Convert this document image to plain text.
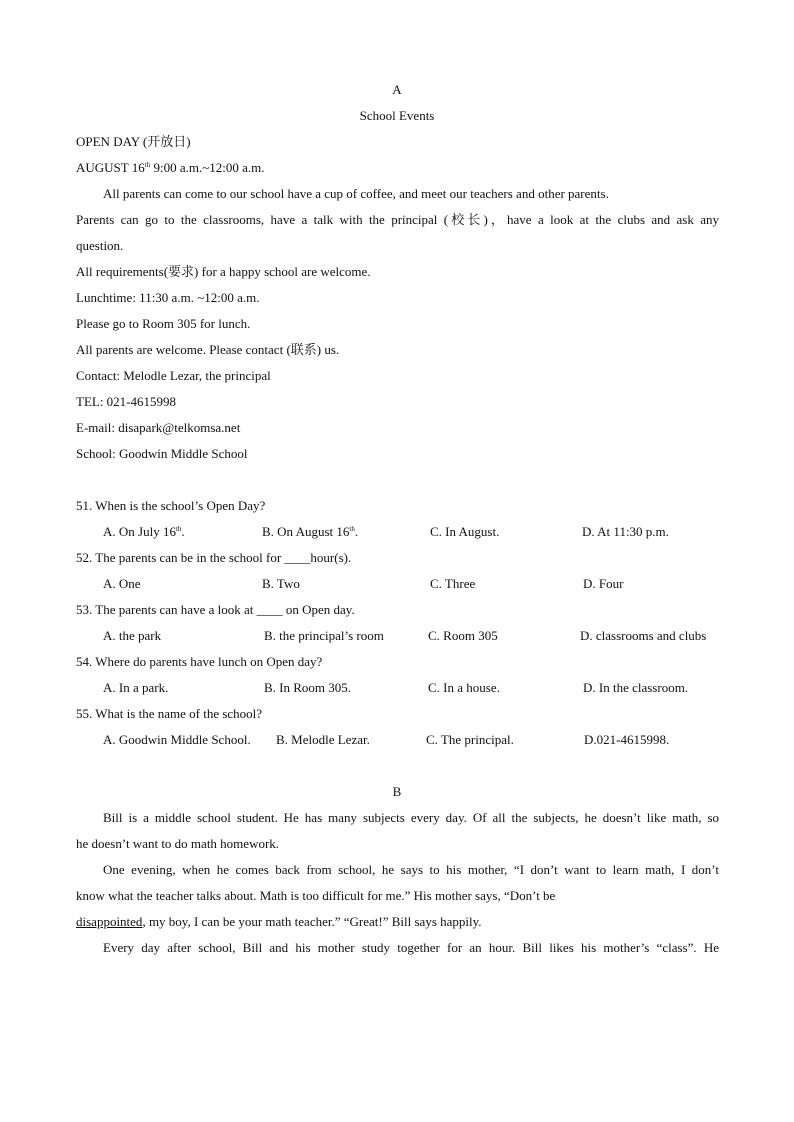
A
School Events
OPEN DAY (开放日)
AUGUST 16th 9:00 a.m.~12:00 a.m.
All parents can come to our school have a cup of coffee, and meet our teachers and other parents.
Parents can go to the classrooms, have a talk with the principal (校长)，have a look at the clubs and ask any
question.
All requirements(要求) for a happy school are welcome.
Lunchtime: 11:30 a.m. ~12:00 a.m.
Please go to Room 305 for lunch.
All parents are welcome. Please contact (联系) us.
Contact: Melodle Lezar, the principal
TEL: 021-4615998
E-mail: disapark@telkomsa.net
School: Goodwin Middle School
51. When is the school’s Open Day?
A. On July 16th.	B. On August 16th.	C. In August.	D. At 11:30 p.m.
52. The parents can be in the school for ____hour(s).
A. One	B. Two	C. Three	D. Four
53. The parents can have a look at ____ on Open day.
A. the park	B. the principal’s room	C. Room 305	D. classrooms and clubs
54. Where do parents have lunch on Open day?
A. In a park.	B. In Room 305.	C. In a house.	D. In the classroom.
55. What is the name of the school?
A. Goodwin Middle School. B. Melodle Lezar.	C. The principal.	D.021-4615998.
B
Bill is a middle school student. He has many subjects every day. Of all the subjects, he doesn’t like math, so
he doesn’t want to do math homework.
One evening, when he comes back from school, he says to his mother, “I don’t want to learn math, I don’t
know what the teacher talks about. Math is too difficult for me.” His mother says, “Don’t be
disappointed, my boy, I can be your math teacher.” “Great!” Bill says happily.
Every day after school, Bill and his mother study together for an hour. Bill likes his mother’s “class”. He
